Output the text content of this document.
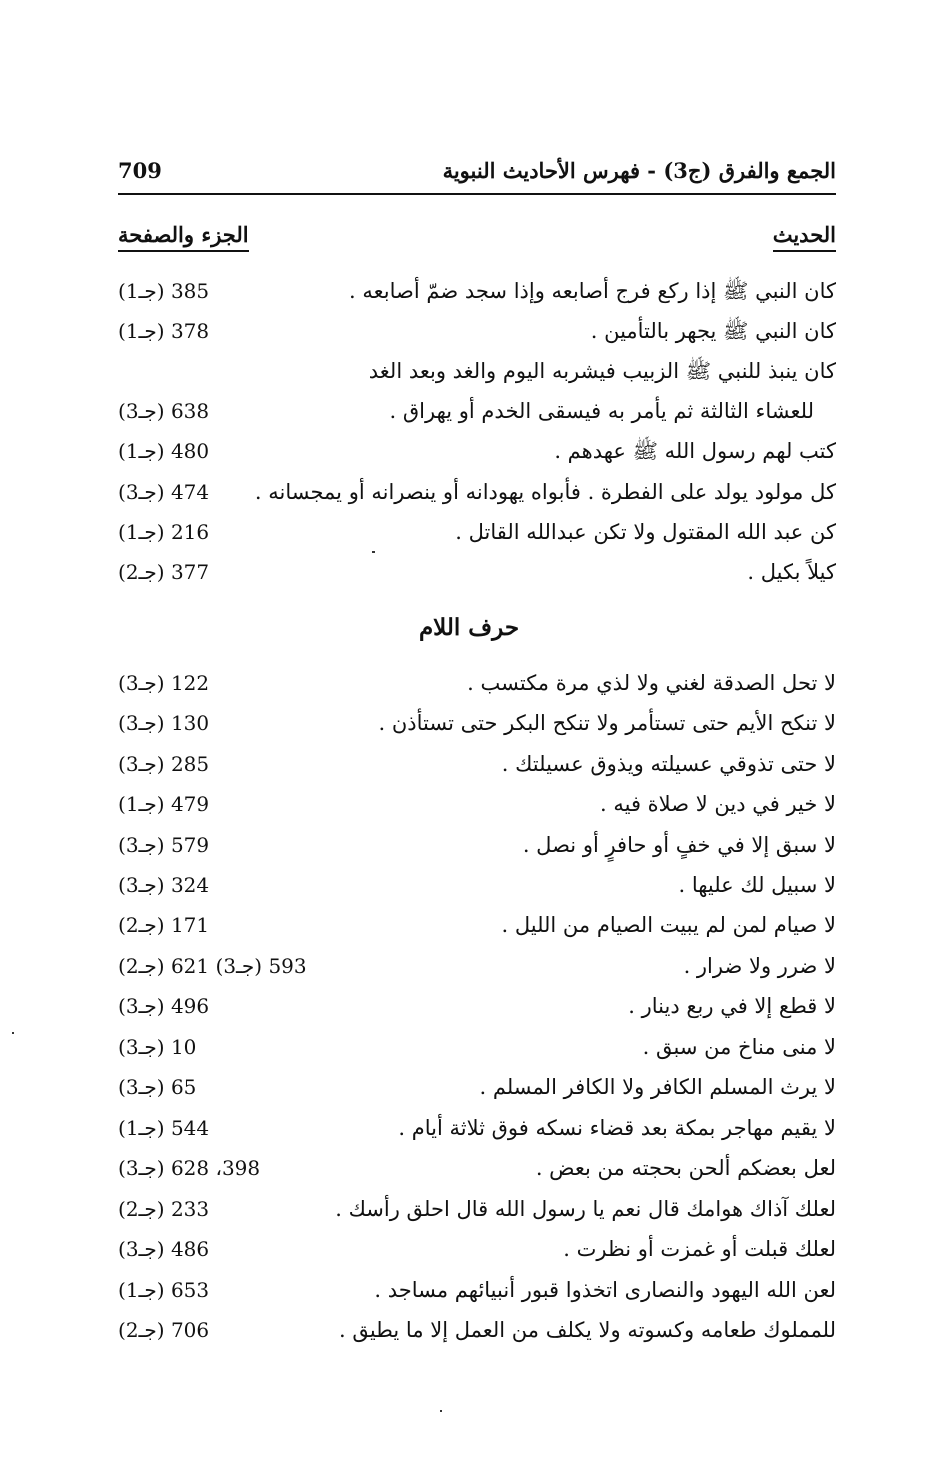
الجمع والفرق (ج3) - فهرس الأحاديث النبوية
709
الحديث
الجزء والصفحة
كان النبي ﷺ إذا ركع فرج أصابعه وإذا سجد ضمّ أصابعه .
(جـ1) 385
كان النبي ﷺ يجهر بالتأمين .
(جـ1) 378
كان ينبذ للنبي ﷺ الزبيب فيشربه اليوم والغد وبعد الغد
للعشاء الثالثة ثم يأمر به فيسقى الخدم أو يهراق .
(جـ3) 638
كتب لهم رسول الله ﷺ عهدهم .
(جـ1) 480
كل مولود يولد على الفطرة . فأبواه يهودانه أو ينصرانه أو يمجسانه .
(جـ3) 474
كن عبد الله المقتول ولا تكن عبدالله القاتل .
(جـ1) 216
كيلاً بكيل .
(جـ2) 377
حرف اللام
لا تحل الصدقة لغني ولا لذي مرة مكتسب .
(جـ3) 122
لا تنكح الأيم حتى تستأمر ولا تنكح البكر حتى تستأذن .
(جـ3) 130
لا حتى تذوقي عسيلته ويذوق عسيلتك .
(جـ3) 285
لا خير في دين لا صلاة فيه .
(جـ1) 479
لا سبق إلا في خفٍ أو حافرٍ أو نصل .
(جـ3) 579
لا سبيل لك عليها .
(جـ3) 324
لا صيام لمن لم يبيت الصيام من الليل .
(جـ2) 171
لا ضرر ولا ضرار .
(جـ2) 593 (جـ3) 621
لا قطع إلا في ربع دينار .
(جـ3) 496
لا منى مناخ من سبق .
(جـ3) 10
لا يرث المسلم الكافر ولا الكافر المسلم .
(جـ3) 65
لا يقيم مهاجر بمكة بعد قضاء نسكه فوق ثلاثة أيام .
(جـ1) 544
لعل بعضكم ألحن بحجته من بعض .
(جـ3) 398، 628
لعلك آذاك هوامك قال نعم يا رسول الله قال احلق رأسك .
(جـ2) 233
لعلك قبلت أو غمزت أو نظرت .
(جـ3) 486
لعن الله اليهود والنصارى اتخذوا قبور أنبيائهم مساجد .
(جـ1) 653
للمملوك طعامه وكسوته ولا يكلف من العمل إلا ما يطيق .
(جـ2) 706
